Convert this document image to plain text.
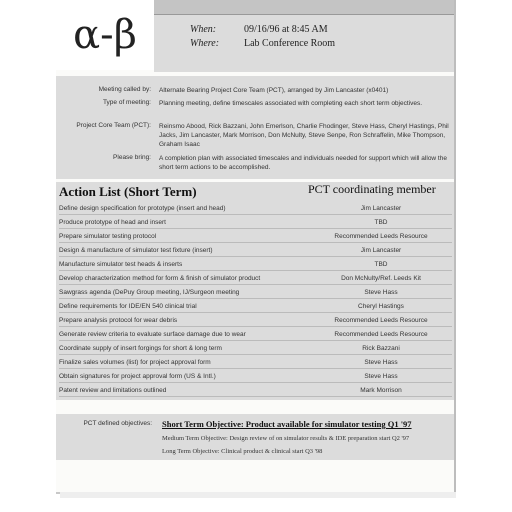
α-β	When:	09/16/96 at 8:45 AM
Where: Lab Conference Room
Meeting called by: Alternate Bearing Project Core Team (PCT), arranged by Jim Lancaster (x0401)
Type of meeting: Planning meeting, define timescales associated with completing each short term objectives.
Project Core Team (PCT): Reinsmo Abood, Rick Bazzani, John Emerlson, Charlie Fhodinger, Steve Hass, Cheryl Hastings, Phil Jacks, Jim Lancaster, Mark Morrison, Don McNulty, Steve Senpe, Ron Schraffelin, Mike Thompson, Graham Isaac
Please bring: A completion plan with associated timescales and individuals needed for support which will allow the short term actions to be accomplished.
Action List (Short Term)	PCT coordinating member
Define design specification for prototype (insert and head)	Jim Lancaster
Produce prototype of head and insert	TBD
Prepare simulator testing protocol	Recommended Leeds Resource
Design & manufacture of simulator test fixture (insert)	Jim Lancaster
Manufacture simulator test heads & inserts	TBD
Develop characterization method for form & finish of simulator product	Don McNulty/Ref. Leeds Kit
Sawgrass agenda (DePuy Group meeting, IJ/Surgeon meeting	Steve Hass
Define requirements for IDE/EN 540 clinical trial	Cheryl Hastings
Prepare analysis protocol for wear debris	Recommended Leeds Resource
Generate review criteria to evaluate surface damage due to wear	Recommended Leeds Resource
Coordinate supply of insert forgings for short & long term	Rick Bazzani
Finalize sales volumes (list) for project approval form	Steve Hass
Obtain signatures for project approval form (US & Intl.)	Steve Hass
Patent review and limitations outlined	Mark Morrison
PCT defined objectives: Short Term Objective: Product available for simulator testing Q1 '97
Medium Term Objective: Design review of on simulator results & IDE preparation start Q2 '97
Long Term Objective: Clinical product & clinical start Q3 '98
